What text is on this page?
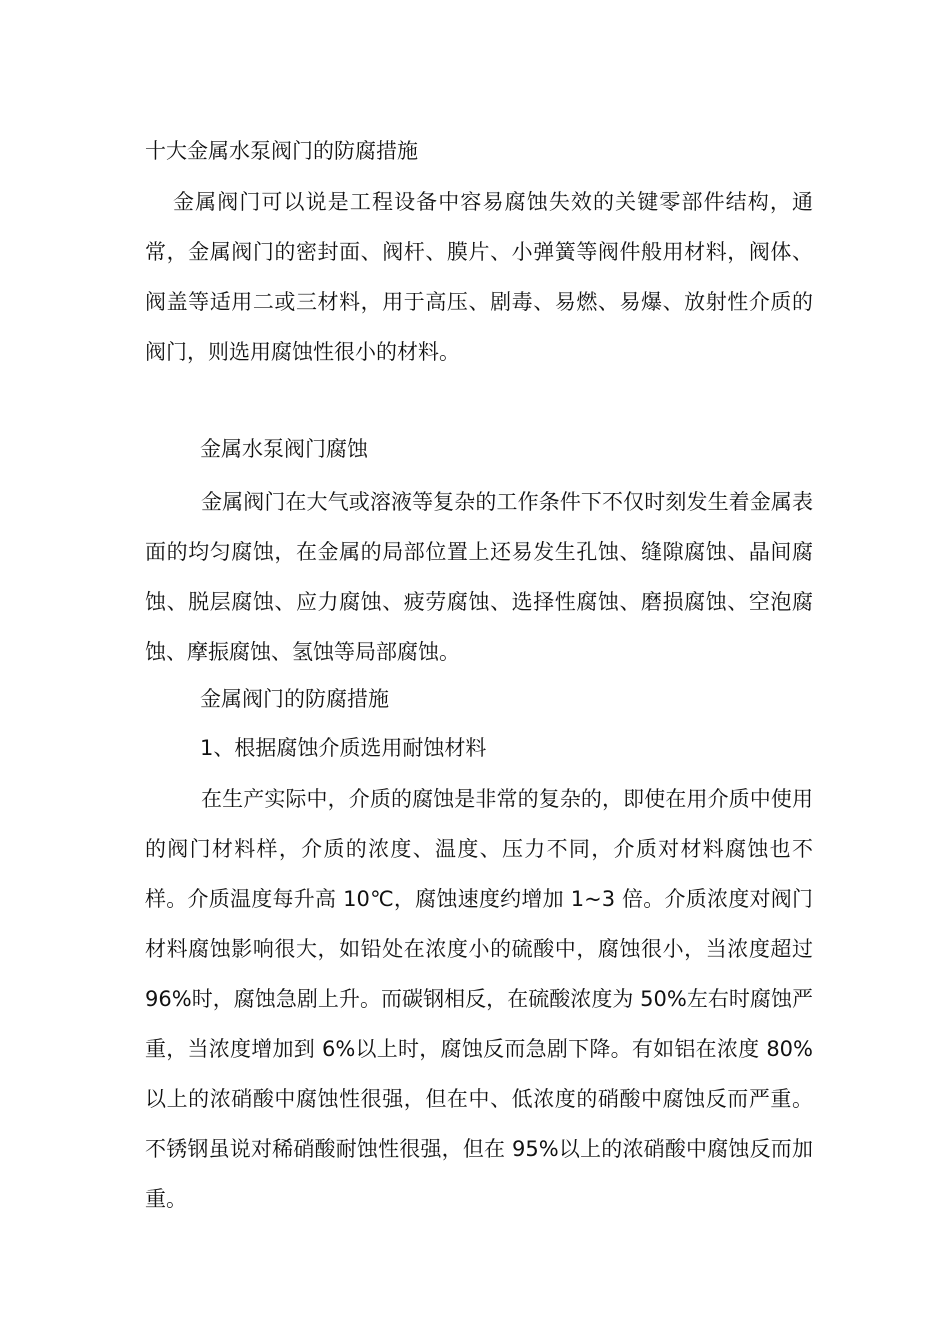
十大金属水泵阀门的防腐措施

金属阀门可以说是工程设备中容易腐蚀失效的关键零部件结构，通常，金属阀门的密封面、阀杆、膜片、小弹簧等阀件般用材料，阀体、阀盖等适用二或三材料，用于高压、剧毒、易燃、易爆、放射性介质的阀门，则选用腐蚀性很小的材料。

金属水泵阀门腐蚀

金属阀门在大气或溶液等复杂的工作条件下不仅时刻发生着金属表面的均匀腐蚀，在金属的局部位置上还易发生孔蚀、缝隙腐蚀、晶间腐蚀、脱层腐蚀、应力腐蚀、疲劳腐蚀、选择性腐蚀、磨损腐蚀、空泡腐蚀、摩振腐蚀、氢蚀等局部腐蚀。

金属阀门的防腐措施

1、根据腐蚀介质选用耐蚀材料

在生产实际中，介质的腐蚀是非常的复杂的，即使在用介质中使用的阀门材料样，介质的浓度、温度、压力不同，介质对材料腐蚀也不样。介质温度每升高 10℃，腐蚀速度约增加 1~3 倍。介质浓度对阀门材料腐蚀影响很大，如铅处在浓度小的硫酸中，腐蚀很小，当浓度超过 96%时，腐蚀急剧上升。而碳钢相反，在硫酸浓度为 50%左右时腐蚀严重，当浓度增加到 6%以上时，腐蚀反而急剧下降。有如铝在浓度 80%以上的浓硝酸中腐蚀性很强，但在中、低浓度的硝酸中腐蚀反而严重。不锈钢虽说对稀硝酸耐蚀性很强，但在 95%以上的浓硝酸中腐蚀反而加重。
